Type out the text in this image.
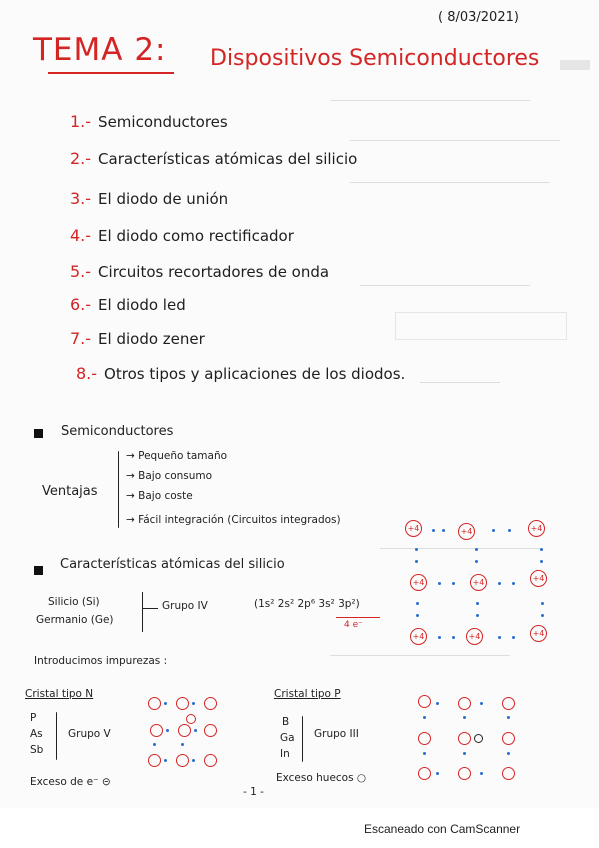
( 8/03/2021)
TEMA 2: Dispositivos Semiconductores
1.- Semiconductores
2.- Características atómicas del silicio
3.- El diodo de unión
4.- El diodo como rectificador
5.- Circuitos recortadores de onda
6.- El diodo led
7.- El diodo zener
8.- Otros tipos y aplicaciones de los diodos.
Semiconductores
Ventajas
→ Pequeño tamaño
→ Bajo consumo
→ Bajo coste
→ Fácil integración (Circuitos integrados)
Características atómicas del silicio
Silicio (Si)
Germanio (Ge)
Grupo IV	(1s² 2s² 2p⁶ 3s² 3p²)
4 e⁻
+4	+4	+4
+4	+4	+4
+4	+4	+4
Introducimos impurezas :
Cristal tipo N
P
As
Sb
Grupo V
Exceso de e⁻ ⊝
Cristal tipo P
B
Ga
In
Grupo III
Exceso huecos ○
- 1 -
Escaneado con CamScanner
